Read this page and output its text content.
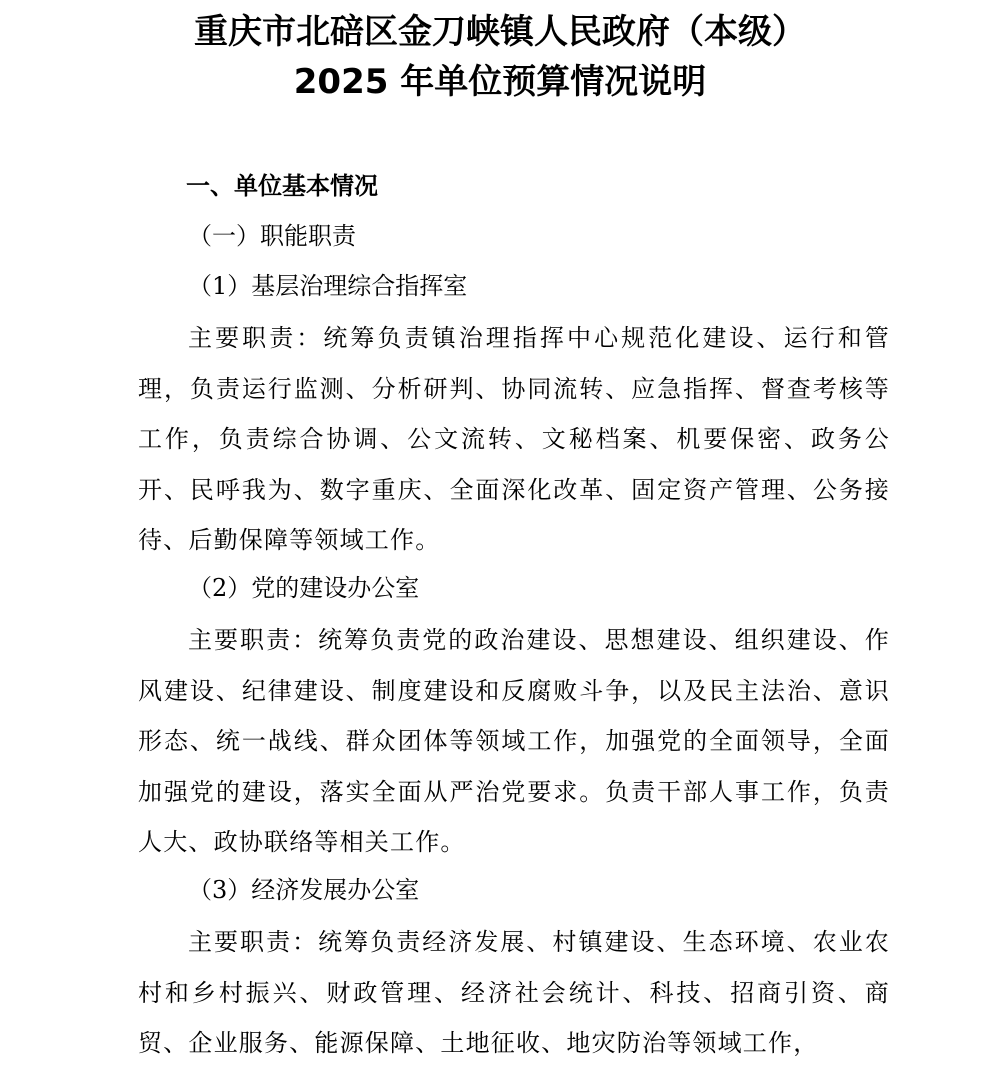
重庆市北碚区金刀峡镇人民政府（本级）
2025 年单位预算情况说明
一、单位基本情况
（一）职能职责
（1）基层治理综合指挥室
主要职责：统筹负责镇治理指挥中心规范化建设、运行和管理，负责运行监测、分析研判、协同流转、应急指挥、督查考核等工作，负责综合协调、公文流转、文秘档案、机要保密、政务公开、民呼我为、数字重庆、全面深化改革、固定资产管理、公务接待、后勤保障等领域工作。
（2）党的建设办公室
主要职责：统筹负责党的政治建设、思想建设、组织建设、作风建设、纪律建设、制度建设和反腐败斗争，以及民主法治、意识形态、统一战线、群众团体等领域工作，加强党的全面领导，全面加强党的建设，落实全面从严治党要求。负责干部人事工作，负责人大、政协联络等相关工作。
（3）经济发展办公室
主要职责：统筹负责经济发展、村镇建设、生态环境、农业农村和乡村振兴、财政管理、经济社会统计、科技、招商引资、商贸、企业服务、能源保障、土地征收、地灾防治等领域工作，
